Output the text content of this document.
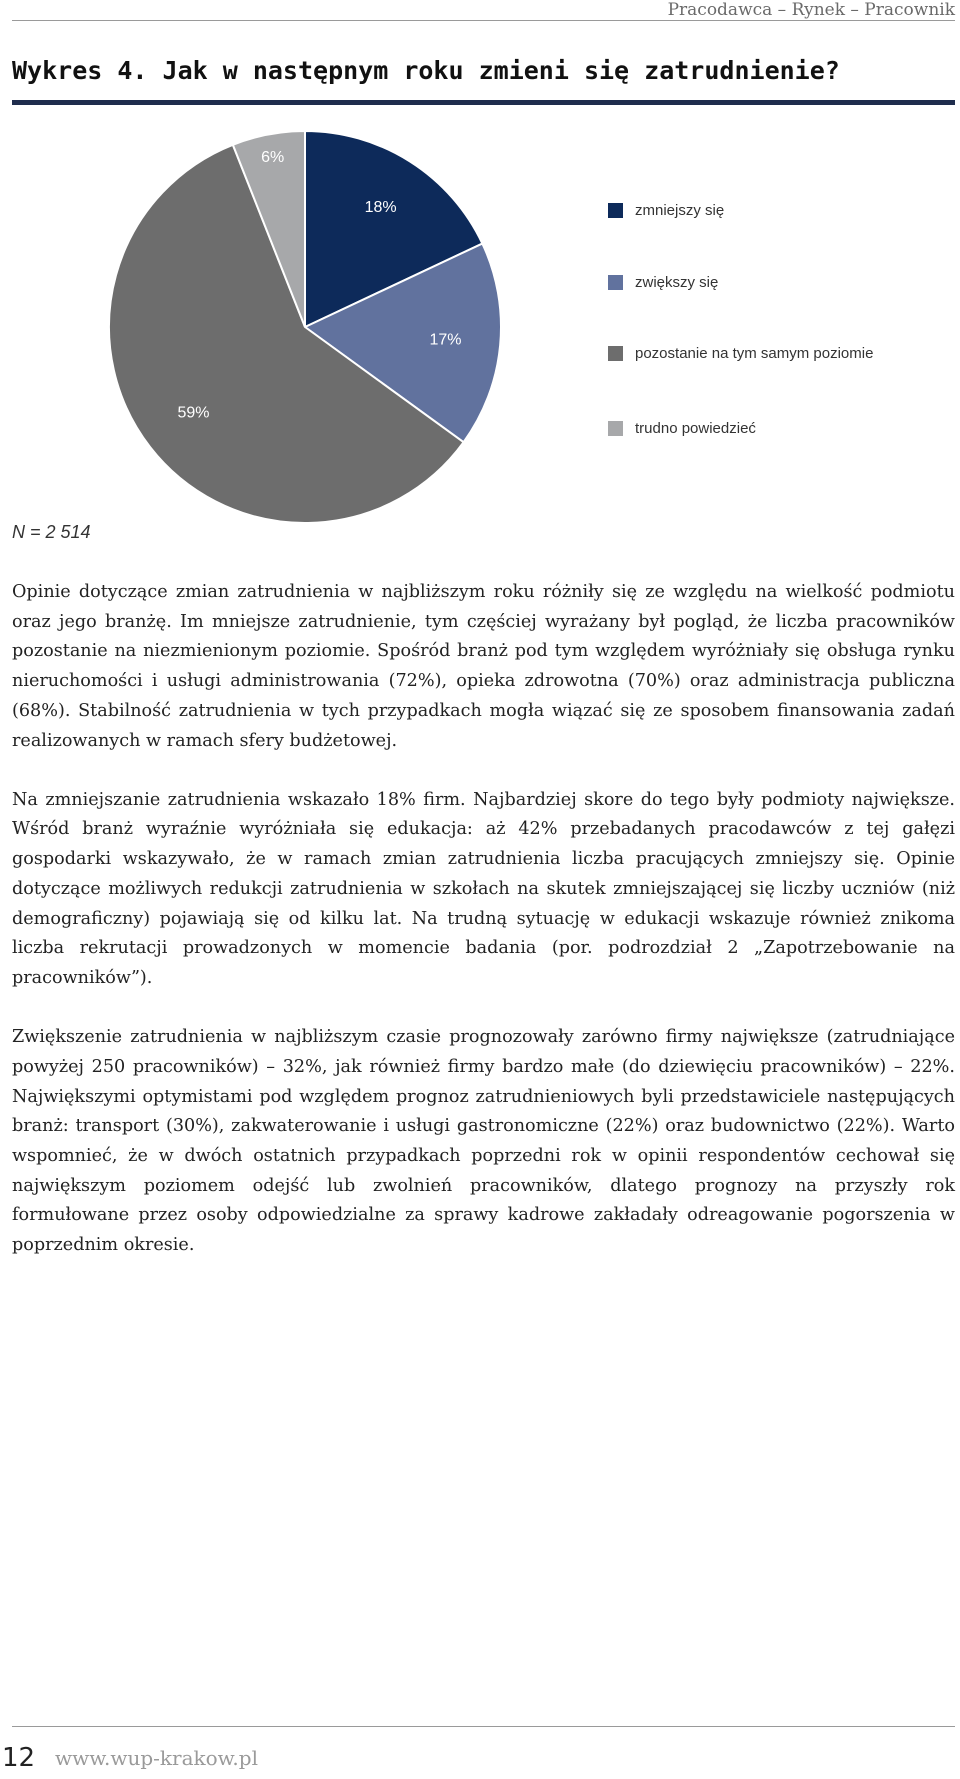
Pracodawca – Rynek – Pracownik
Wykres 4. Jak w następnym roku zmieni się zatrudnienie?
18%
17%
59%
6%
zmniejszy się
zwiększy się
pozostanie na tym samym poziomie
trudno powiedzieć
N = 2 514

Opinie dotyczące zmian zatrudnienia w najbliższym roku różniły się ze względu na wielkość podmiotu oraz jego branżę. Im mniejsze zatrudnienie, tym częściej wyrażany był pogląd, że liczba pracowników pozostanie na niezmienionym poziomie. Spośród branż pod tym względem wyróżniały się obsługa rynku nieruchomości i usługi administrowania (72%), opieka zdrowotna (70%) oraz administracja publiczna (68%). Stabilność zatrudnienia w tych przypadkach mogła wiązać się ze sposobem finansowania zadań realizowanych w ramach sfery budżetowej.

Na zmniejszanie zatrudnienia wskazało 18% firm. Najbardziej skore do tego były podmioty największe. Wśród branż wyraźnie wyróżniała się edukacja: aż 42% przebadanych pracodawców z tej gałęzi gospodarki wskazywało, że w ramach zmian zatrudnienia liczba pracujących zmniejszy się. Opinie dotyczące możliwych redukcji zatrudnienia w szkołach na skutek zmniejszającej się liczby uczniów (niż demograficzny) pojawiają się od kilku lat. Na trudną sytuację w edukacji wskazuje również znikoma liczba rekrutacji prowadzonych w momencie badania (por. podrozdział 2 „Zapotrzebowanie na pracowników”).

Zwiększenie zatrudnienia w najbliższym czasie prognozowały zarówno firmy największe (zatrudniające powyżej 250 pracowników) – 32%, jak również firmy bardzo małe (do dziewięciu pracowników) – 22%. Największymi optymistami pod względem prognoz zatrudnieniowych byli przedstawiciele następujących branż: transport (30%), zakwaterowanie i usługi gastronomiczne (22%) oraz budownictwo (22%). Warto wspomnieć, że w dwóch ostatnich przypadkach poprzedni rok w opinii respondentów cechował się największym poziomem odejść lub zwolnień pracowników, dlatego prognozy na przyszły rok formułowane przez osoby odpowiedzialne za sprawy kadrowe zakładały odreagowanie pogorszenia w poprzednim okresie.

12 www.wup-krakow.pl
